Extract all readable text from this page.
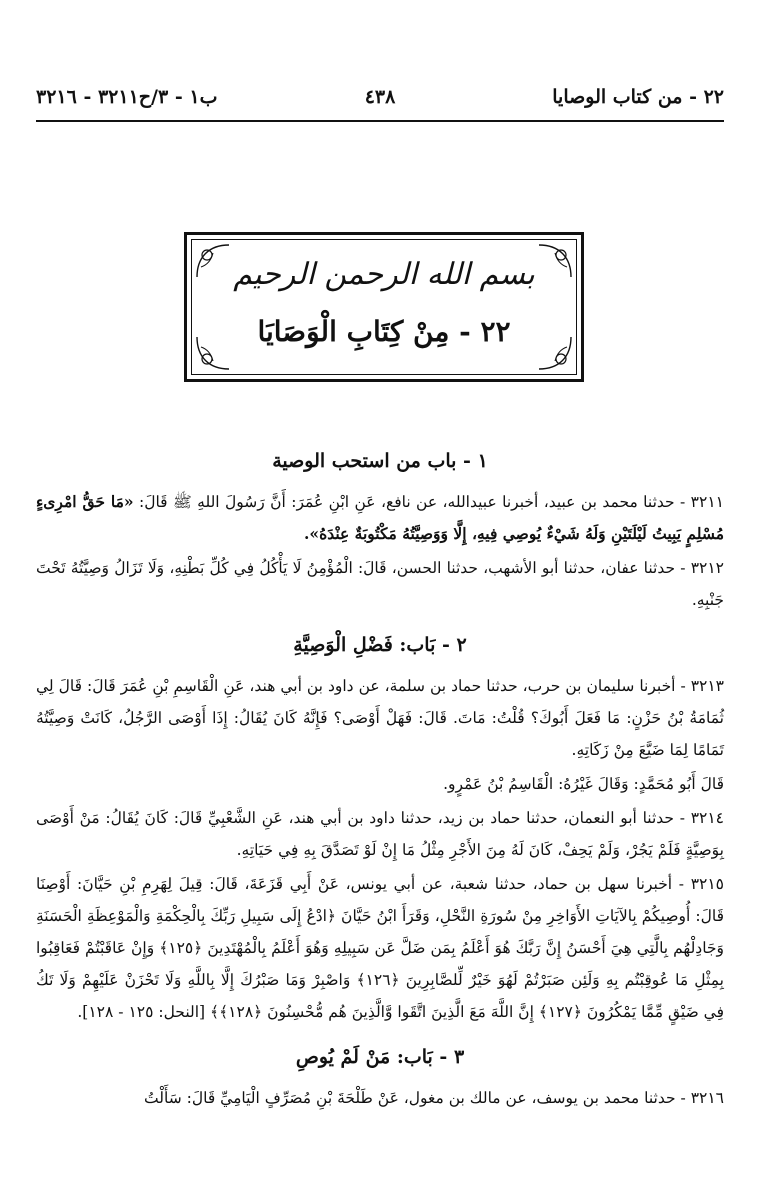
٢٢ - من كتاب الوصايا
٤٣٨
ب١ - ٣/ح٣٢١١ - ٣٢١٦
بسم الله الرحمن الرحيم
٢٢ - مِنْ كِتَابِ الْوَصَايَا
١ - باب من استحب الوصية

٣٢١١ - حدثنا محمد بن عبيد، أخبرنا عبيدالله، عن نافع، عَنِ ابْنِ عُمَرَ: أَنَّ رَسُولَ اللهِ ﷺ قَالَ: «مَا حَقُّ امْرِىءٍ مُسْلِمٍ يَبِيتُ لَيْلَتَيْنِ وَلَهُ شَيْءٌ يُوصِي فِيهِ، إِلَّا وَوَصِيَّتُهُ مَكْتُوبَةٌ عِنْدَهُ».

٣٢١٢ - حدثنا عفان، حدثنا أبو الأشهب، حدثنا الحسن، قَالَ: الْمُؤْمِنُ لَا يَأْكُلُ فِي كُلِّ بَطْنِهِ، وَلَا تَزَالُ وَصِيَّتُهُ تَحْتَ جَنْبِهِ.

٢ - بَاب: فَضْلِ الْوَصِيَّةِ

٣٢١٣ - أخبرنا سليمان بن حرب، حدثنا حماد بن سلمة، عن داود بن أبي هند، عَنِ الْقَاسِمِ بْنِ عُمَرَ قَالَ: قَالَ لِي ثُمَامَةُ بْنُ حَزْنٍ: مَا فَعَلَ أَبُوكَ؟ قُلْتُ: مَاتَ. قَالَ: فَهَلْ أَوْصَى؟ فَإِنَّهُ كَانَ يُقَالُ: إِذَا أَوْصَى الرَّجُلُ، كَانَتْ وَصِيَّتُهُ تَمَامًا لِمَا ضَيَّعَ مِنْ زَكَاتِهِ.

قَالَ أَبُو مُحَمَّدٍ: وَقَالَ غَيْرُهُ: الْقَاسِمُ بْنُ عَمْرٍو.

٣٢١٤ - حدثنا أبو النعمان، حدثنا حماد بن زيد، حدثنا داود بن أبي هند، عَنِ الشَّعْبِيِّ قَالَ: كَانَ يُقَالُ: مَنْ أَوْصَى بِوَصِيَّةٍ فَلَمْ يَجُرْ، وَلَمْ يَحِفْ، كَانَ لَهُ مِنَ الأَجْرِ مِثْلُ مَا إِنْ لَوْ تَصَدَّقَ بِهِ فِي حَيَاتِهِ.

٣٢١٥ - أخبرنا سهل بن حماد، حدثنا شعبة، عن أبي يونس، عَنْ أَبِي قَزَعَةَ، قَالَ: قِيلَ لِهَرِمِ بْنِ حَيَّانَ: أَوْصِنَا قَالَ: أُوصِيكُمْ بِالآيَاتِ الأَوَاخِرِ مِنْ سُورَةِ النَّحْلِ، وَقَرَأَ ابْنُ حَيَّانَ ﴿ادْعُ إِلَى سَبِيلِ رَبِّكَ بِالْحِكْمَةِ وَالْمَوْعِظَةِ الْحَسَنَةِ وَجَادِلْهُم بِالَّتِي هِيَ أَحْسَنُ إِنَّ رَبَّكَ هُوَ أَعْلَمُ بِمَن ضَلَّ عَن سَبِيلِهِ وَهُوَ أَعْلَمُ بِالْمُهْتَدِينَ ﴿١٢٥﴾ وَإِنْ عَاقَبْتُمْ فَعَاقِبُوا بِمِثْلِ مَا عُوقِبْتُم بِهِ وَلَئِن صَبَرْتُمْ لَهُوَ خَيْرٌ لِّلصَّابِرِينَ ﴿١٢٦﴾ وَاصْبِرْ وَمَا صَبْرُكَ إِلَّا بِاللَّهِ وَلَا تَحْزَنْ عَلَيْهِمْ وَلَا تَكُ فِي ضَيْقٍ مِّمَّا يَمْكُرُونَ ﴿١٢٧﴾ إِنَّ اللَّهَ مَعَ الَّذِينَ اتَّقَوا وَّالَّذِينَ هُم مُّحْسِنُونَ ﴿١٢٨﴾﴾ [النحل: ١٢٥ - ١٢٨].

٣ - بَاب: مَنْ لَمْ يُوصِ

٣٢١٦ - حدثنا محمد بن يوسف، عن مالك بن مغول، عَنْ طَلْحَةَ بْنِ مُصَرِّفٍ الْيَامِيِّ قَالَ: سَأَلْتُ
